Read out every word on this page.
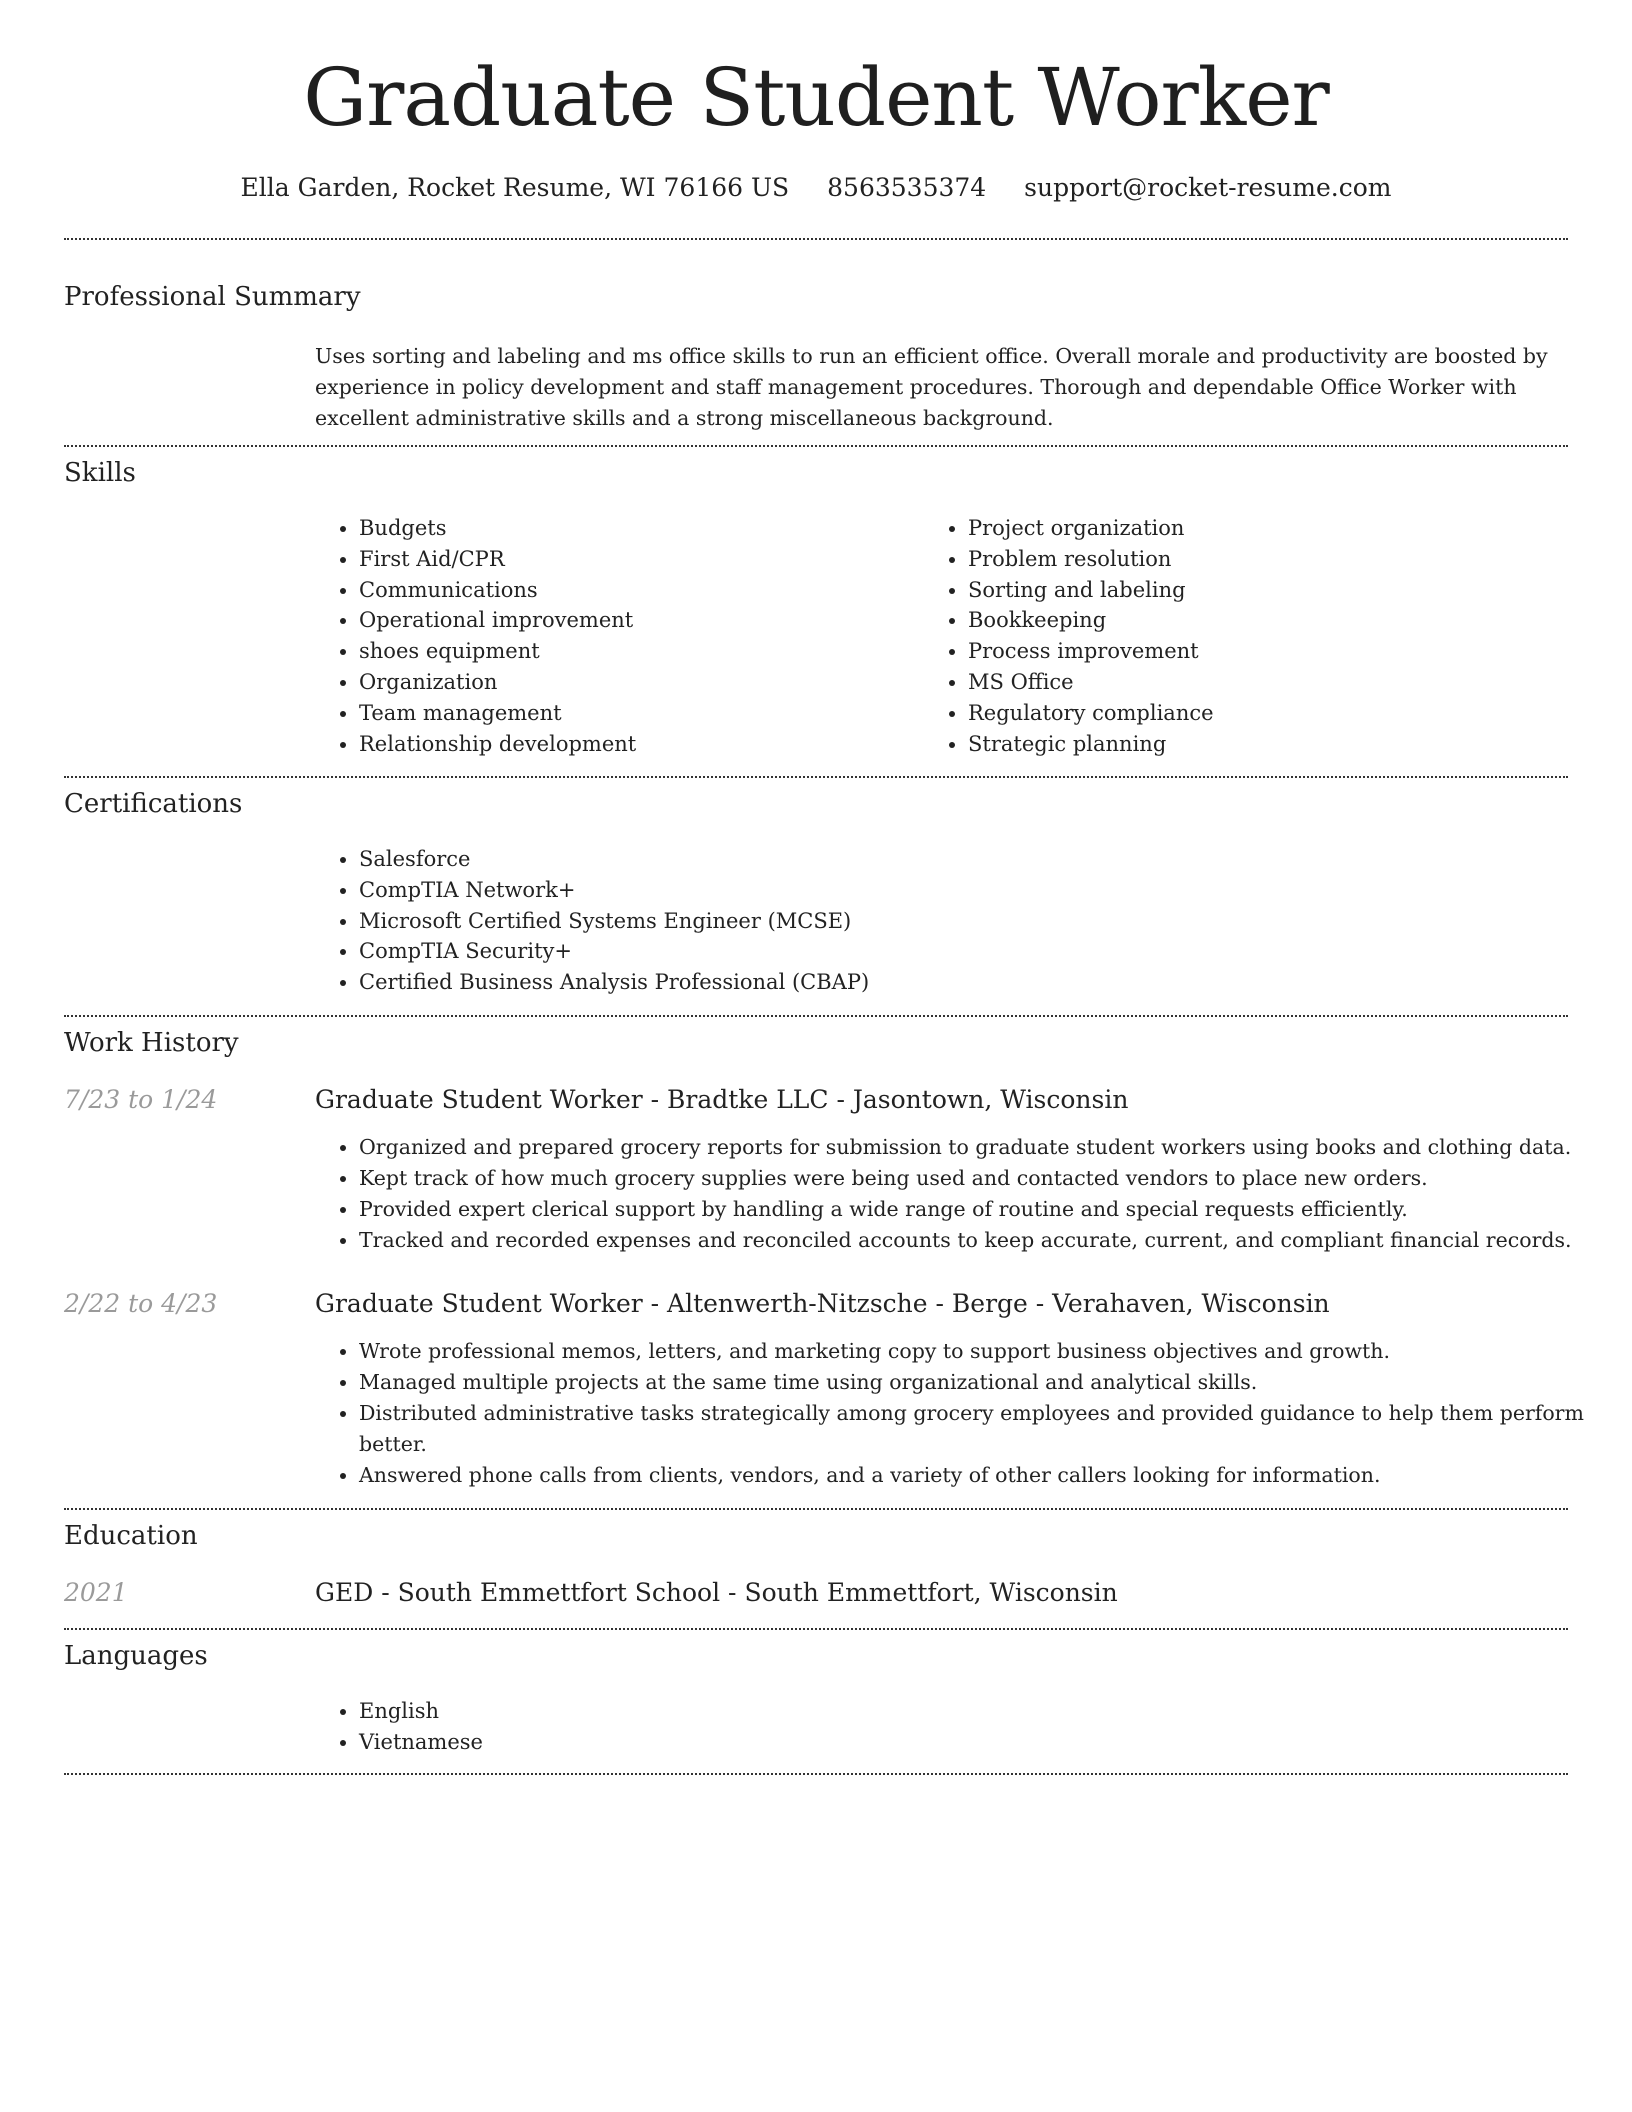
Graduate Student Worker
Ella Garden, Rocket Resume, WI 76166 US 8563535374 support@rocket-resume.com
Professional Summary

Uses sorting and labeling and ms office skills to run an efficient office. Overall morale and productivity are boosted by experience in policy development and staff management procedures. Thorough and dependable Office Worker with excellent administrative skills and a strong miscellaneous background.

Skills
• Budgets
• First Aid/CPR
• Communications
• Operational improvement
• shoes equipment
• Organization
• Team management
• Relationship development
• Project organization
• Problem resolution
• Sorting and labeling
• Bookkeeping
• Process improvement
• MS Office
• Regulatory compliance
• Strategic planning
Certifications
• Salesforce
• CompTIA Network+
• Microsoft Certified Systems Engineer (MCSE)
• CompTIA Security+
• Certified Business Analysis Professional (CBAP)
Work History
7/23 to 1/24	Graduate Student Worker - Bradtke LLC - Jasontown, Wisconsin
• Organized and prepared grocery reports for submission to graduate student workers using books and clothing data.
• Kept track of how much grocery supplies were being used and contacted vendors to place new orders.
• Provided expert clerical support by handling a wide range of routine and special requests efficiently.
• Tracked and recorded expenses and reconciled accounts to keep accurate, current, and compliant financial records.
2/22 to 4/23	Graduate Student Worker - Altenwerth-Nitzsche - Berge - Verahaven, Wisconsin
• Wrote professional memos, letters, and marketing copy to support business objectives and growth.
• Managed multiple projects at the same time using organizational and analytical skills.
• Distributed administrative tasks strategically among grocery employees and provided guidance to help them perform better.
• Answered phone calls from clients, vendors, and a variety of other callers looking for information.
Education
2021	GED - South Emmettfort School - South Emmettfort, Wisconsin
Languages
• English
• Vietnamese
